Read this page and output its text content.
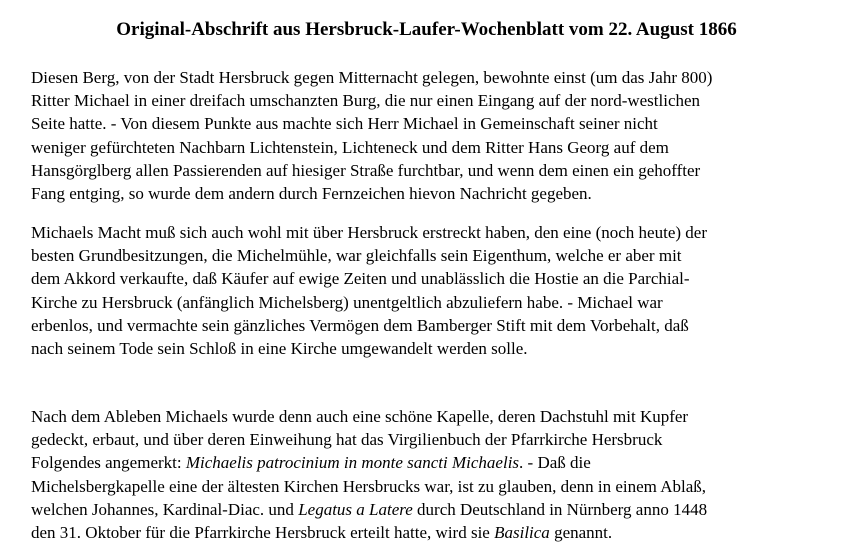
Original-Abschrift aus Hersbruck-Laufer-Wochenblatt vom 22. August 1866
Diesen Berg, von der Stadt Hersbruck gegen Mitternacht gelegen, bewohnte einst (um das Jahr 800)
Ritter Michael in einer dreifach umschanzten Burg, die nur einen Eingang auf der nord-westlichen
Seite hatte. - Von diesem Punkte aus machte sich Herr Michael in Gemeinschaft seiner nicht
weniger gefürchteten Nachbarn Lichtenstein, Lichteneck und dem Ritter Hans Georg auf dem
Hansgörglberg allen Passierenden auf hiesiger Straße furchtbar, und wenn dem einen ein gehoffter
Fang entging, so wurde dem andern durch Fernzeichen hievon Nachricht gegeben.
Michaels Macht muß sich auch wohl mit über Hersbruck erstreckt haben, den eine (noch heute) der
besten Grundbesitzungen, die Michelmühle, war gleichfalls sein Eigenthum, welche er aber mit
dem Akkord verkaufte, daß Käufer auf ewige Zeiten und unablässlich die Hostie an die Parchial-
Kirche zu Hersbruck (anfänglich Michelsberg) unentgeltlich abzuliefern habe. - Michael war
erbenlos, und vermachte sein gänzliches Vermögen dem Bamberger Stift mit dem Vorbehalt, daß
nach seinem Tode sein Schloß in eine Kirche umgewandelt werden solle.
Nach dem Ableben Michaels wurde denn auch eine schöne Kapelle, deren Dachstuhl mit Kupfer
gedeckt, erbaut, und über deren Einweihung hat das Virgilienbuch der Pfarrkirche Hersbruck
Folgendes angemerkt: Michaelis patrocinium in monte sancti Michaelis. - Daß die
Michelsbergkapelle eine der ältesten Kirchen Hersbrucks war, ist zu glauben, denn in einem Ablaß,
welchen Johannes, Kardinal-Diac. und Legatus a Latere durch Deutschland in Nürnberg anno 1448
den 31. Oktober für die Pfarrkirche Hersbruck erteilt hatte, wird sie Basilica genannt.
